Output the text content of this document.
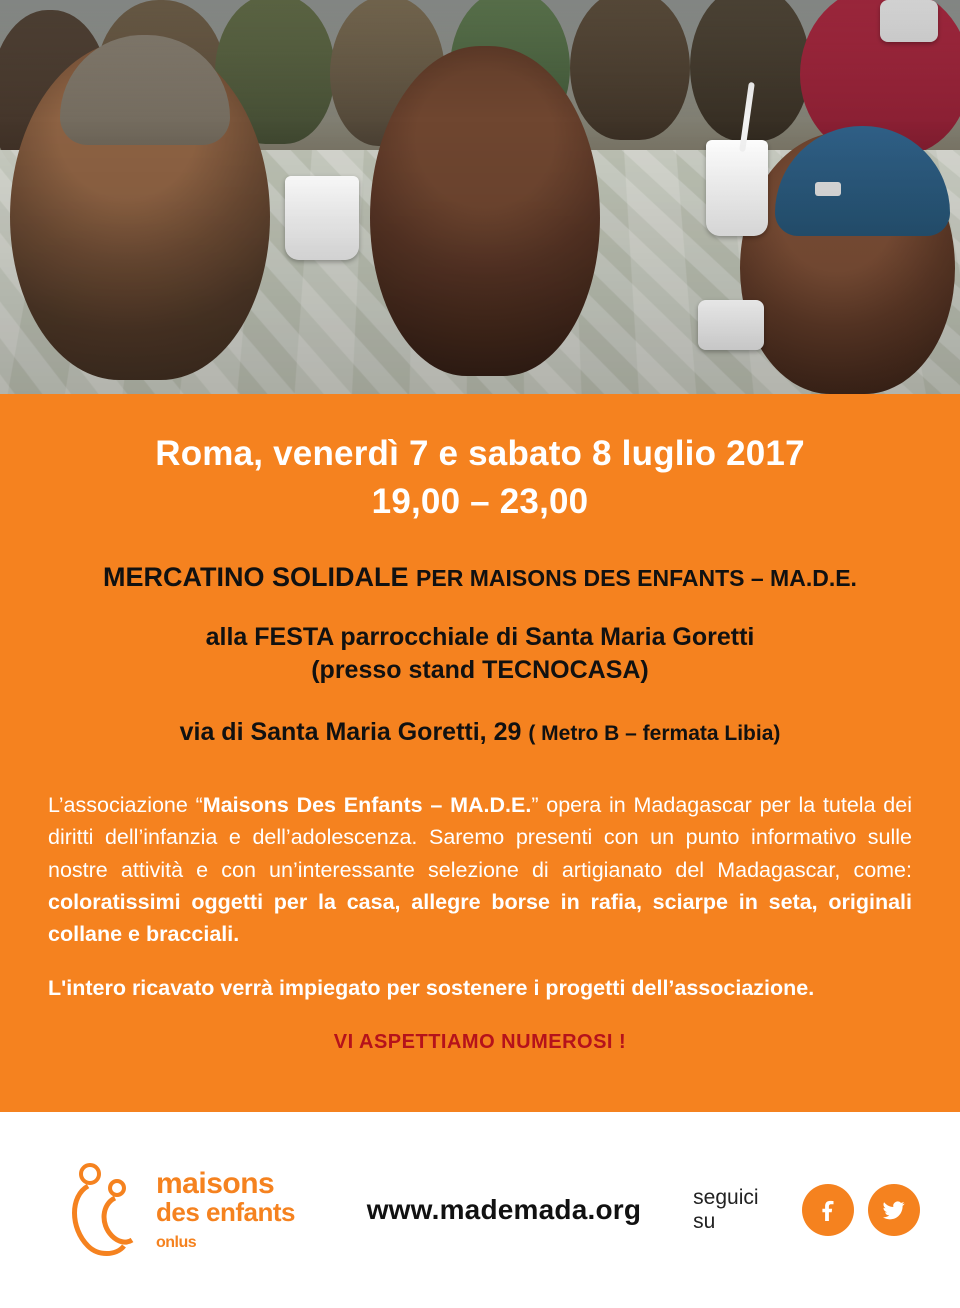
Roma, venerdì 7 e sabato 8 luglio 2017
19,00 – 23,00
MERCATINO SOLIDALE PER MAISONS DES ENFANTS – MA.D.E.
alla FESTA parrocchiale di Santa Maria Goretti
(presso stand TECNOCASA)
via di Santa Maria Goretti, 29 ( Metro B – fermata Libia)
L’associazione “Maisons Des Enfants – MA.D.E.” opera in Madagascar per la tutela dei diritti dell’infanzia e dell’adolescenza. Saremo presenti con un punto informativo sulle nostre attività e con un’interessante selezione di artigianato del Madagascar, come: coloratissimi oggetti per la casa, allegre borse in rafia, sciarpe in seta, originali collane e bracciali.
L'intero ricavato verrà impiegato per sostenere i progetti dell’associazione.
VI ASPETTIAMO NUMEROSI !
maisons
des enfants onlus
www.mademada.org seguici su
